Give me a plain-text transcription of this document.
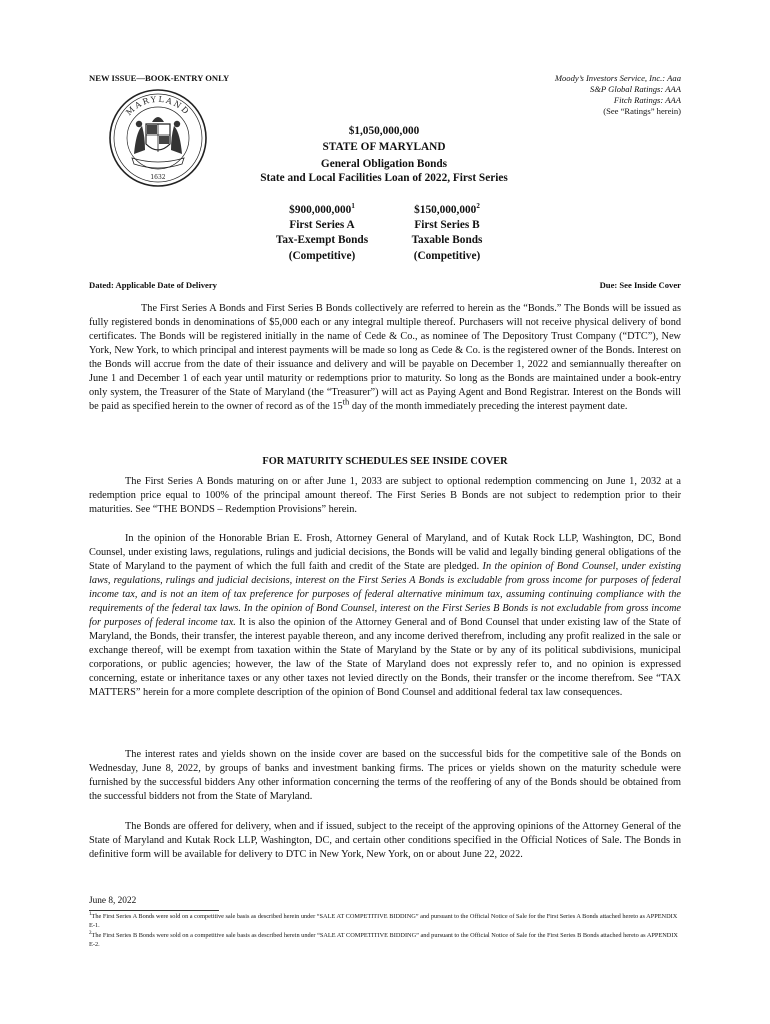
NEW ISSUE—BOOK-ENTRY ONLY	Moody’s Investors Service, Inc.: Aaa
S&P Global Ratings: AAA
Fitch Ratings: AAA
(See “Ratings” herein)
MARYLAND
1632
$1,050,000,000
STATE OF MARYLAND
General Obligation Bonds
State and Local Facilities Loan of 2022, First Series
$900,000,000$^1$
First Series A
Tax-Exempt Bonds
(Competitive)
$150,000,000$^2$
First Series B
Taxable Bonds
(Competitive)
Dated: Applicable Date of Delivery	Due: See Inside Cover

The First Series A Bonds and First Series B Bonds collectively are referred to herein as the “Bonds.” The Bonds will be issued as fully registered bonds in denominations of $5,000 each or any integral multiple thereof. Purchasers will not receive physical delivery of bond certificates. The Bonds will be registered initially in the name of Cede & Co., as nominee of The Depository Trust Company (“DTC”), New York, New York, to which principal and interest payments will be made so long as Cede & Co. is the registered owner of the Bonds. Interest on the Bonds will accrue from the date of their issuance and delivery and will be payable on December 1, 2022 and semiannually thereafter on June 1 and December 1 of each year until maturity or redemptions prior to maturity. So long as the Bonds are maintained under a book-entry only system, the Treasurer of the State of Maryland (the “Treasurer”) will act as Paying Agent and Bond Registrar. Interest on the Bonds will be paid as specified herein to the owner of record as of the 15th day of the month immediately preceding the interest payment date.

FOR MATURITY SCHEDULES SEE INSIDE COVER

The First Series A Bonds maturing on or after June 1, 2033 are subject to optional redemption commencing on June 1, 2032 at a redemption price equal to 100% of the principal amount thereof. The First Series B Bonds are not subject to redemption prior to their maturities. See “THE BONDS – Redemption Provisions” herein.

In the opinion of the Honorable Brian E. Frosh, Attorney General of Maryland, and of Kutak Rock LLP, Washington, DC, Bond Counsel, under existing laws, regulations, rulings and judicial decisions, the Bonds will be valid and legally binding general obligations of the State of Maryland to the payment of which the full faith and credit of the State are pledged. In the opinion of Bond Counsel, under existing laws, regulations, rulings and judicial decisions, interest on the First Series A Bonds is excludable from gross income for purposes of federal income tax, and is not an item of tax preference for purposes of federal alternative minimum tax, assuming continuing compliance with the requirements of the federal tax laws. In the opinion of Bond Counsel, interest on the First Series B Bonds is not excludable from gross income for purposes of federal income tax. It is also the opinion of the Attorney General and of Bond Counsel that under existing law of the State of Maryland, the Bonds, their transfer, the interest payable thereon, and any income derived therefrom, including any profit realized in the sale or exchange thereof, will be exempt from taxation within the State of Maryland by the State or by any of its political subdivisions, municipal corporations, or public agencies; however, the law of the State of Maryland does not expressly refer to, and no opinion is expressed concerning, estate or inheritance taxes or any other taxes not levied directly on the Bonds, their transfer or the income therefrom. See “TAX MATTERS” herein for a more complete description of the opinion of Bond Counsel and additional federal tax law consequences.

The interest rates and yields shown on the inside cover are based on the successful bids for the competitive sale of the Bonds on Wednesday, June 8, 2022, by groups of banks and investment banking firms. The prices or yields shown on the maturity schedule were furnished by the successful bidders Any other information concerning the terms of the reoffering of any of the Bonds should be obtained from the successful bidders not from the State of Maryland.

The Bonds are offered for delivery, when and if issued, subject to the receipt of the approving opinions of the Attorney General of the State of Maryland and Kutak Rock LLP, Washington, DC, and certain other conditions specified in the Official Notices of Sale. The Bonds in definitive form will be available for delivery to DTC in New York, New York, on or about June 22, 2022.

June 8, 2022

$^1$The First Series A Bonds were sold on a competitive sale basis as described herein under “SALE AT COMPETITIVE BIDDING” and pursuant to the Official Notice of Sale for the First Series A Bonds attached hereto as APPENDIX E-1.

$^2$The First Series B Bonds were sold on a competitive sale basis as described herein under “SALE AT COMPETITIVE BIDDING” and pursuant to the Official Notice of Sale for the First Series B Bonds attached hereto as APPENDIX E-2.
